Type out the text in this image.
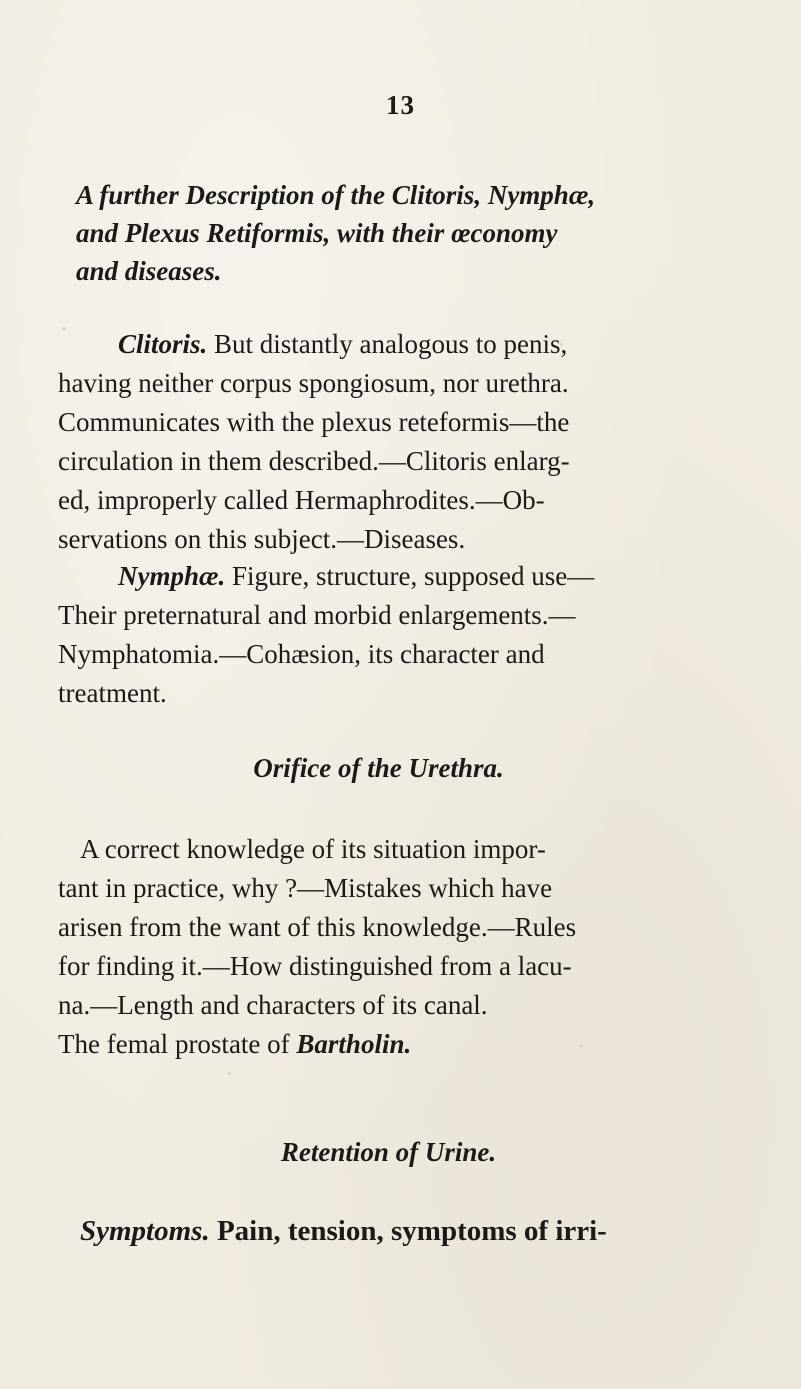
13
A further Description of the Clitoris, Nymphæ,
and Plexus Retiformis, with their œconomy
and diseases.
Clitoris. But distantly analogous to penis,
having neither corpus spongiosum, nor urethra.
Communicates with the plexus reteformis—the
circulation in them described.—Clitoris enlarg-
ed, improperly called Hermaphrodites.—Ob-
servations on this subject.—Diseases.
Nymphæ. Figure, structure, supposed use—
Their preternatural and morbid enlargements.—
Nymphatomia.—Cohæsion, its character and
treatment.
Orifice of the Urethra.
A correct knowledge of its situation impor-
tant in practice, why ?—Mistakes which have
arisen from the want of this knowledge.—Rules
for finding it.—How distinguished from a lacu-
na.—Length and characters of its canal.
The femal prostate of Bartholin.
Retention of Urine.
Symptoms. Pain, tension, symptoms of irri-
